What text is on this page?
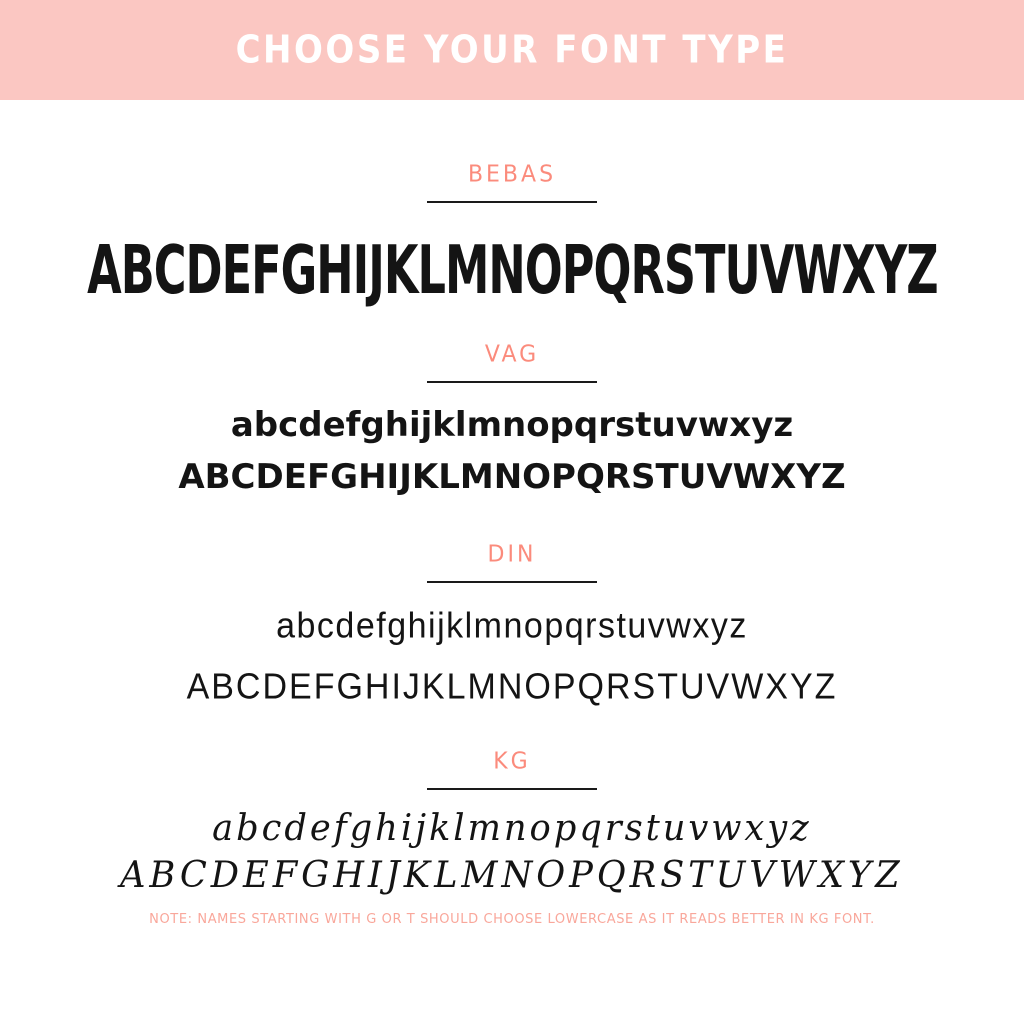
CHOOSE YOUR FONT TYPE
BEBAS
ABCDEFGHIJKLMNOPQRSTUVWXYZ
VAG
abcdefghijklmnopqrstuvwxyz
ABCDEFGHIJKLMNOPQRSTUVWXYZ
DIN
abcdefghijklmnopqrstuvwxyz
ABCDEFGHIJKLMNOPQRSTUVWXYZ
KG
abcdefghijklmnopqrstuvwxyz
ABCDEFGHIJKLMNOPQRSTUVWXYZ
NOTE: NAMES STARTING WITH G OR T SHOULD CHOOSE LOWERCASE AS IT READS BETTER IN KG FONT.
